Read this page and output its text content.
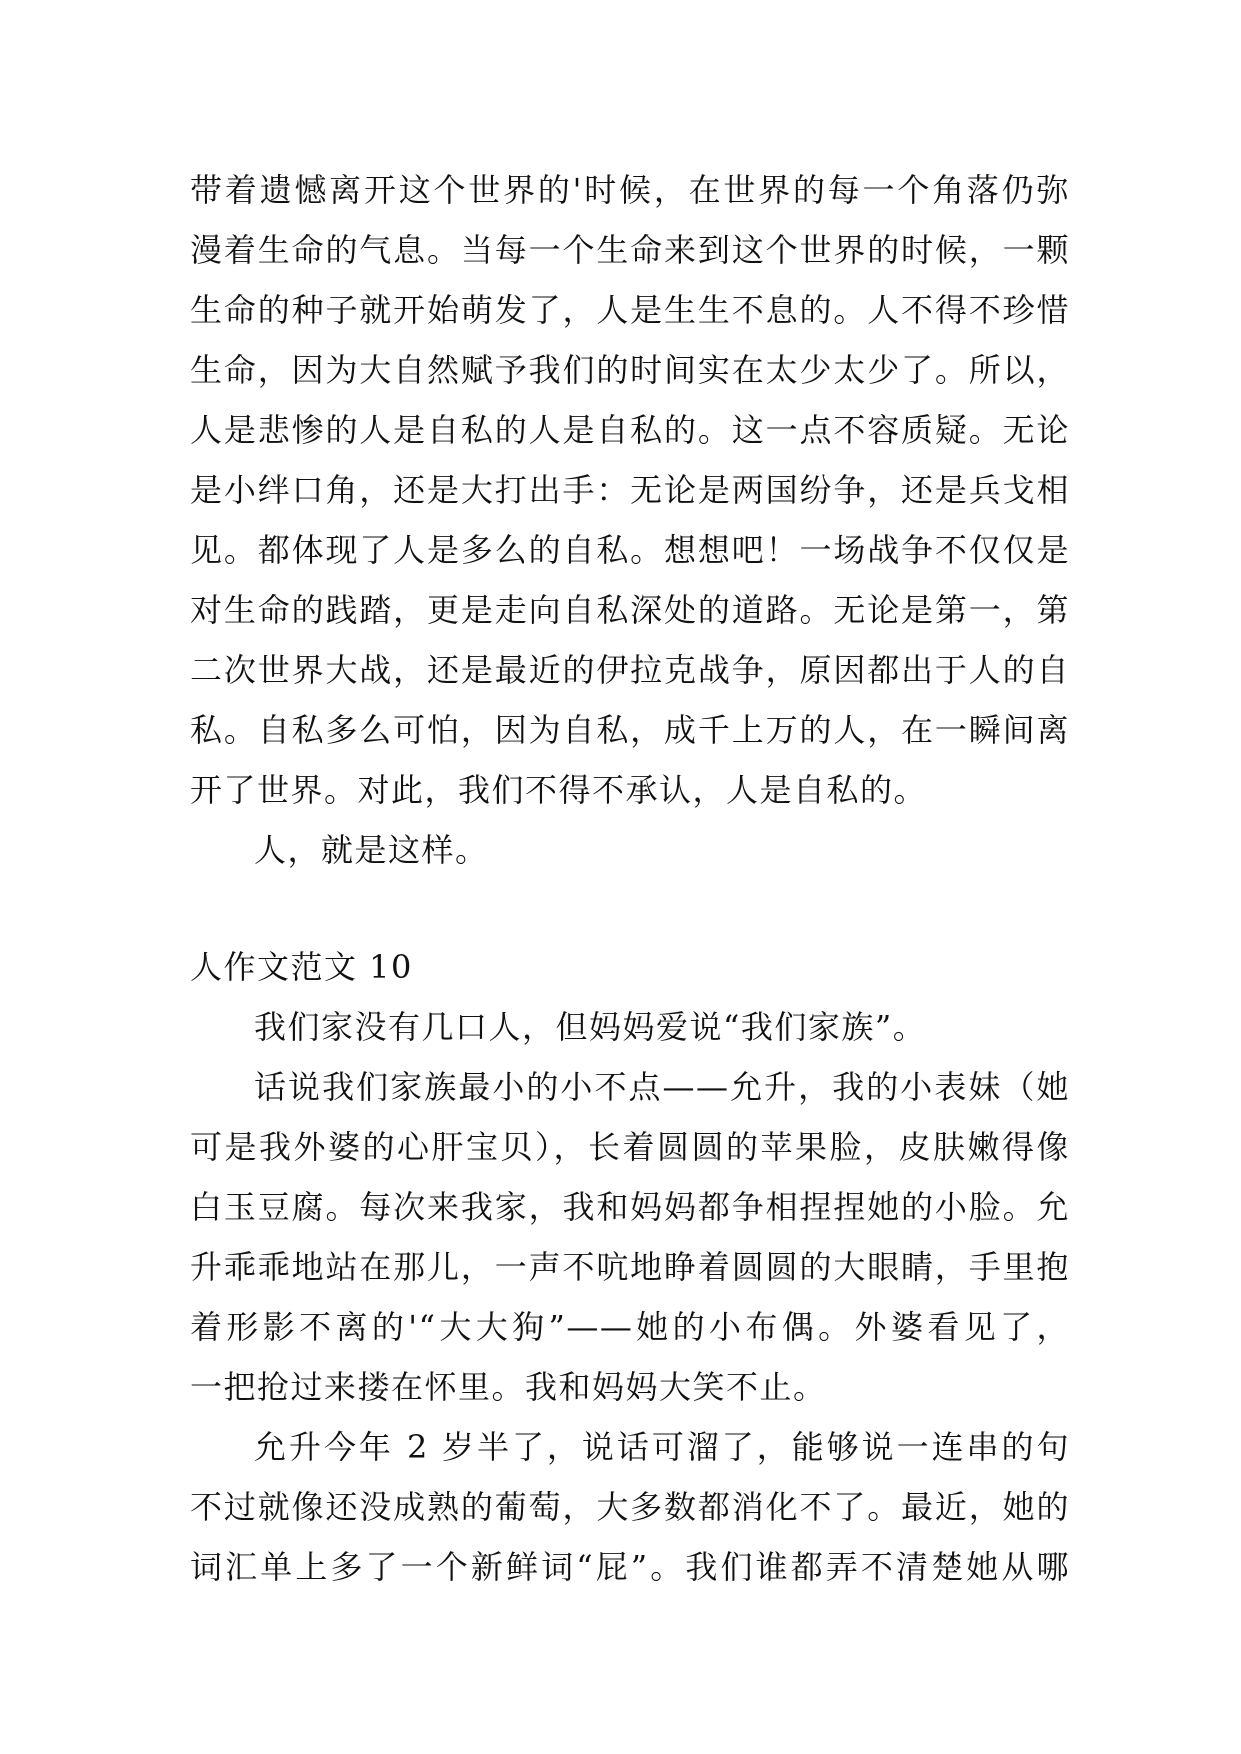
带着遗憾离开这个世界的'时候，在世界的每一个角落仍弥
漫着生命的气息。当每一个生命来到这个世界的时候，一颗
生命的种子就开始萌发了，人是生生不息的。人不得不珍惜
生命，因为大自然赋予我们的时间实在太少太少了。所以，
人是悲惨的人是自私的人是自私的。这一点不容质疑。无论
是小绊口角，还是大打出手：无论是两国纷争，还是兵戈相
见。都体现了人是多么的自私。想想吧！一场战争不仅仅是
对生命的践踏，更是走向自私深处的道路。无论是第一，第
二次世界大战，还是最近的伊拉克战争，原因都出于人的自
私。自私多么可怕，因为自私，成千上万的人，在一瞬间离
开了世界。对此，我们不得不承认，人是自私的。
人，就是这样。
人作文范文 10
我们家没有几口人，但妈妈爱说“我们家族”。
话说我们家族最小的小不点——允升，我的小表妹（她
可是我外婆的心肝宝贝），长着圆圆的苹果脸，皮肤嫩得像
白玉豆腐。每次来我家，我和妈妈都争相捏捏她的小脸。允
升乖乖地站在那儿，一声不吭地睁着圆圆的大眼睛，手里抱
着形影不离的'“大大狗”——她的小布偶。外婆看见了，
一把抢过来搂在怀里。我和妈妈大笑不止。
允升今年 2 岁半了，说话可溜了，能够说一连串的句
不过就像还没成熟的葡萄，大多数都消化不了。最近，她的
词汇单上多了一个新鲜词“屁”。我们谁都弄不清楚她从哪
